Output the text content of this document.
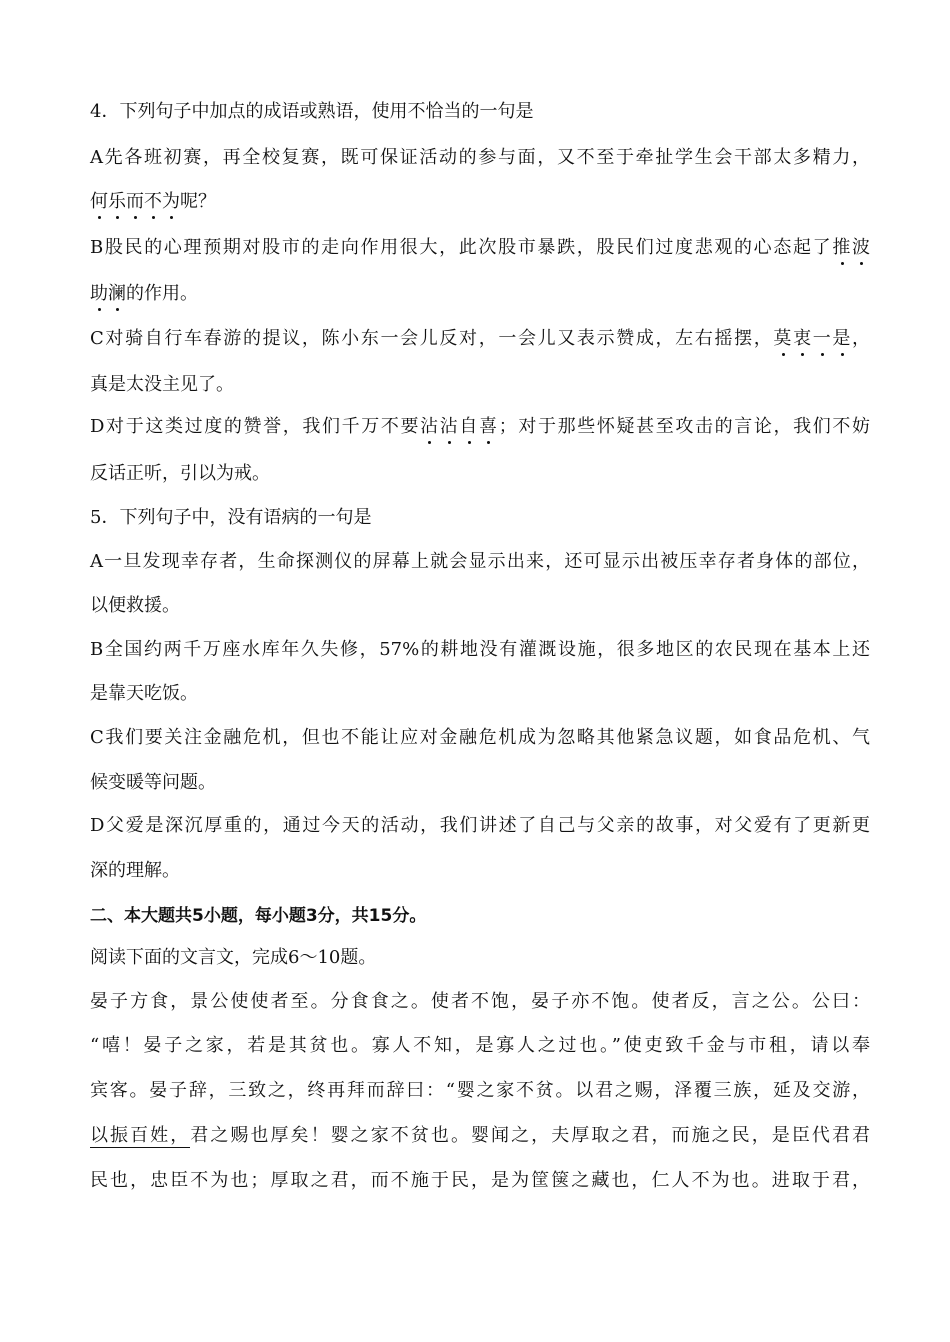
4．下列句子中加点的成语或熟语，使用不恰当的一句是
A先各班初赛，再全校复赛，既可保证活动的参与面，又不至于牵扯学生会干部太多精力，
何乐而不为呢？
B股民的心理预期对股市的走向作用很大，此次股市暴跌，股民们过度悲观的心态起了推波
助澜的作用。
C对骑自行车春游的提议，陈小东一会儿反对，一会儿又表示赞成，左右摇摆，莫衷一是，
真是太没主见了。
D对于这类过度的赞誉，我们千万不要沾沾自喜；对于那些怀疑甚至攻击的言论，我们不妨
反话正听，引以为戒。
5．下列句子中，没有语病的一句是
A一旦发现幸存者，生命探测仪的屏幕上就会显示出来，还可显示出被压幸存者身体的部位，
以便救援。
B全国约两千万座水库年久失修，57%的耕地没有灌溉设施，很多地区的农民现在基本上还
是靠天吃饭。
C我们要关注金融危机，但也不能让应对金融危机成为忽略其他紧急议题，如食品危机、气
候变暖等问题。
D父爱是深沉厚重的，通过今天的活动，我们讲述了自己与父亲的故事，对父爱有了更新更
深的理解。
二、本大题共5小题，每小题3分，共15分。
阅读下面的文言文，完成6～10题。
晏子方食，景公使使者至。分食食之。使者不饱，晏子亦不饱。使者反，言之公。公曰：
“嘻！晏子之家，若是其贫也。寡人不知，是寡人之过也。”使吏致千金与市租，请以奉
宾客。晏子辞，三致之，终再拜而辞曰：“婴之家不贫。以君之赐，泽覆三族，延及交游，
以振百姓，君之赐也厚矣！婴之家不贫也。婴闻之，夫厚取之君，而施之民，是臣代君君
民也，忠臣不为也；厚取之君，而不施于民，是为筐箧之藏也，仁人不为也。进取于君，
